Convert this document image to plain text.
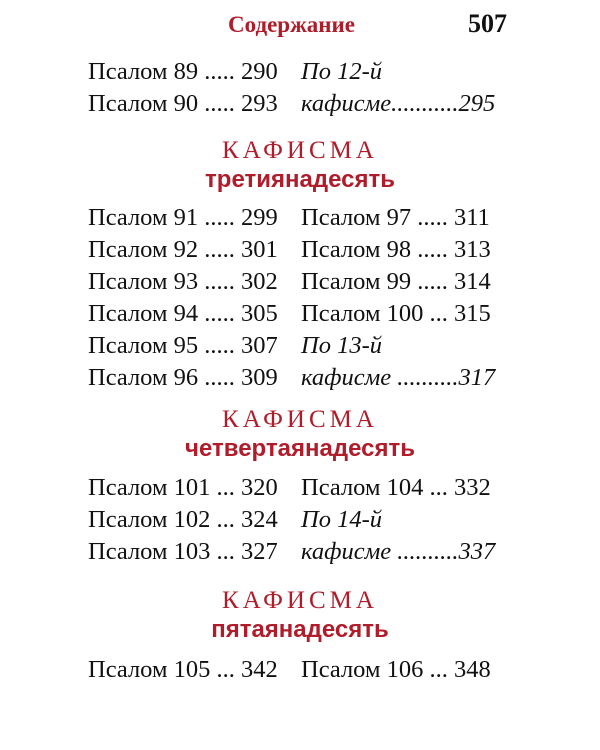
Содержание	507
Псалом 89 ..... 290 По 12-й
Псалом 90 ..... 293 кафисме...........295
КАФИСМА
третиянадесять
Псалом 91 ..... 299 Псалом 97 ..... 311
Псалом 92 ..... 301 Псалом 98 ..... 313
Псалом 93 ..... 302 Псалом 99 ..... 314
Псалом 94 ..... 305 Псалом 100 ... 315
Псалом 95 ..... 307 По 13-й
Псалом 96 ..... 309 кафисме ..........317
КАФИСМА
четвертаянадесять
Псалом 101 ... 320 Псалом 104 ... 332
Псалом 102 ... 324 По 14-й
Псалом 103 ... 327 кафисме ..........337
КАФИСМА
пятаянадесять
Псалом 105 ... 342 Псалом 106 ... 348
